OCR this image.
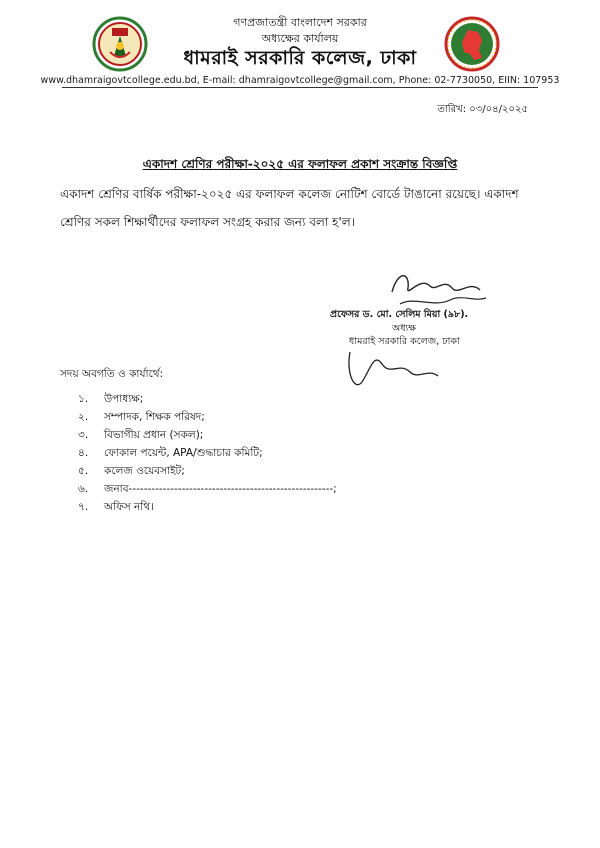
গণপ্রজাতন্ত্রী বাংলাদেশ সরকার
অধ্যক্ষের কার্যালয়
ধামরাই সরকারি কলেজ, ঢাকা
www.dhamraigovtcollege.edu.bd, E-mail: dhamraigovtcollege@gmail.com, Phone: 02-7730050, EIIN: 107953
তারিখ: ০৩/০৪/২০২৫
একাদশ শ্রেণির পরীক্ষা-২০২৫ এর ফলাফল প্রকাশ সংক্রান্ত বিজ্ঞপ্তি
একাদশ শ্রেণির বার্ষিক পরীক্ষা-২০২৫ এর ফলাফল কলেজ নোটিশ বোর্ডে টাঙানো রয়েছে। একাদশ শ্রেণির সকল শিক্ষার্থীদের ফলাফল সংগ্রহ করার জন্য বলা হ'ল।
প্রফেসর ড. মো. সেলিম মিয়া (৯৮).
অধ্যক্ষ
ধামরাই সরকারি কলেজ, ঢাকা
সদয় অবগতি ও কার্যার্থে:
১. উপাধ্যক্ষ;
২. সম্পাদক, শিক্ষক পরিষদ;
৩. বিভাগীয় প্রধান (সকল);
৪. ফোকাল পয়েন্ট, APA/শুদ্ধাচার কমিটি;
৫. কলেজ ওয়েবসাইট;
৬. জনাব------------------------------------------------------;
৭. অফিস নথি।
